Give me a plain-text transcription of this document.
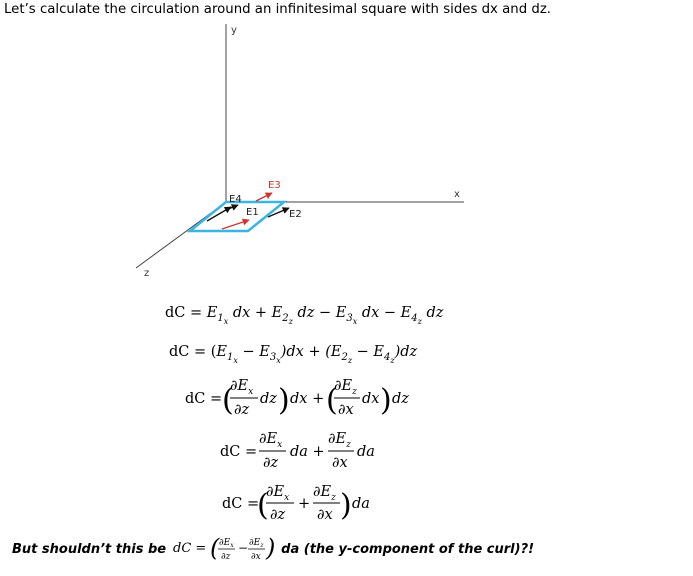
Let’s calculate the circulation around an infinitesimal square with sides dx and dz.
y
x
z
E4
E1	E2
E3
dC = $E_{1x}$ dx + $E_{2z}$ dz − $E_{3x}$ dx − $E_{4z}$ dz
dC = $(E_{1x} - E_{3x})dx + (E_{2z} - E_{4z})dz$
dC = (
$\partial E_x$
∂z
dz ) dx + (
$\partial E_z$
∂x
dx ) dz
dC =
$\partial E_x$
∂z
da +
$\partial E_z$
∂x
da
dC =
(
$\partial E_x$
∂z
+
$\partial E_z$
∂x ) da
But shouldn’t this be dC = ( $\partial E_x$
∂z
− $\partial E_z$
∂x ) da (the y-component of the curl)?!
